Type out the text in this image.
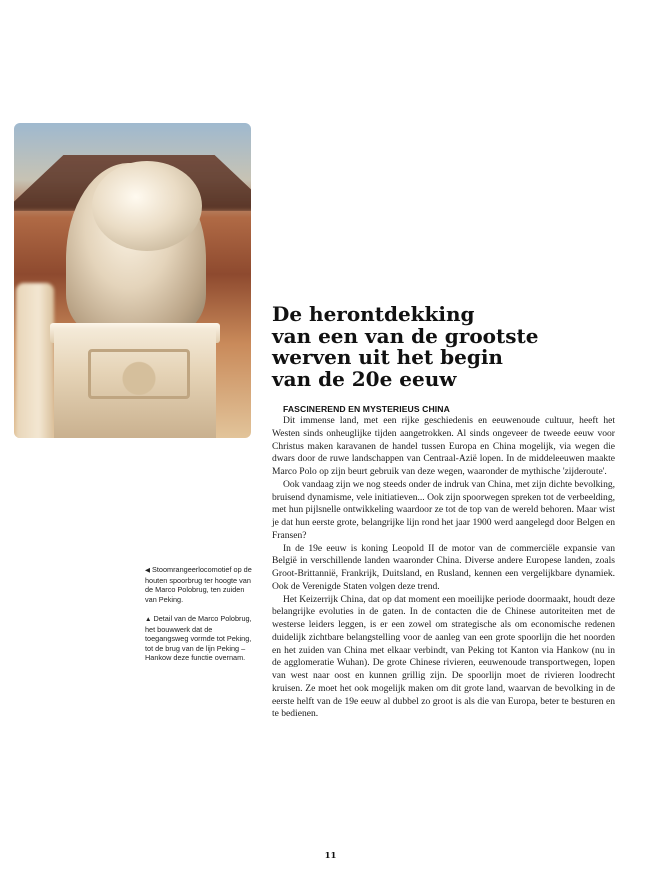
De herontdekking
van een van de grootste
werven uit het begin
van de 20e eeuw
FASCINEREND EN MYSTERIEUS CHINA

Dit immense land, met een rijke geschiedenis en eeuwenoude cultuur, heeft het Westen sinds onheuglijke tijden aangetrokken. Al sinds ongeveer de tweede eeuw voor Christus maken karavanen de handel tussen Europa en China mogelijk, via wegen die dwars door de ruwe landschappen van Centraal-Azië lopen. In de middeleeuwen maakte Marco Polo op zijn beurt gebruik van deze wegen, waaronder de mythische 'zijderoute'.

Ook vandaag zijn we nog steeds onder de indruk van China, met zijn dichte bevolking, bruisend dynamisme, vele initiatieven... Ook zijn spoorwegen spreken tot de verbeelding, met hun pijlsnelle ontwikkeling waardoor ze tot de top van de wereld behoren. Maar wist je dat hun eerste grote, belangrijke lijn rond het jaar 1900 werd aangelegd door Belgen en Fransen?

In de 19e eeuw is koning Leopold II de motor van de commerciële expansie van België in verschillende landen waaronder China. Diverse andere Europese landen, zoals Groot-Brittannië, Frankrijk, Duitsland, en Rusland, kennen een vergelijkbare dynamiek. Ook de Verenigde Staten volgen deze trend.

Het Keizerrijk China, dat op dat moment een moeilijke periode doormaakt, houdt deze belangrijke evoluties in de gaten. In de contacten die de Chinese autoriteiten met de westerse leiders leggen, is er een zowel om strategische als om economische redenen duidelijk zichtbare belangstelling voor de aanleg van een grote spoorlijn die het noorden en het zuiden van China met elkaar verbindt, van Peking tot Kanton via Hankow (nu in de agglomeratie Wuhan). De grote Chinese rivieren, eeuwenoude transportwegen, lopen van west naar oost en kunnen grillig zijn. De spoorlijn moet de rivieren loodrecht kruisen. Ze moet het ook mogelijk maken om dit grote land, waarvan de bevolking in de eerste helft van de 19e eeuw al dubbel zo groot is als die van Europa, beter te besturen en te bedienen.

◀ Stoomrangeerlocomotief op de houten spoorbrug ter hoogte van de Marco Polobrug, ten zuiden van Peking.

▲ Detail van de Marco Polobrug, het bouwwerk dat de toegangsweg vormde tot Peking, tot de brug van de lijn Peking – Hankow deze functie overnam.

11
